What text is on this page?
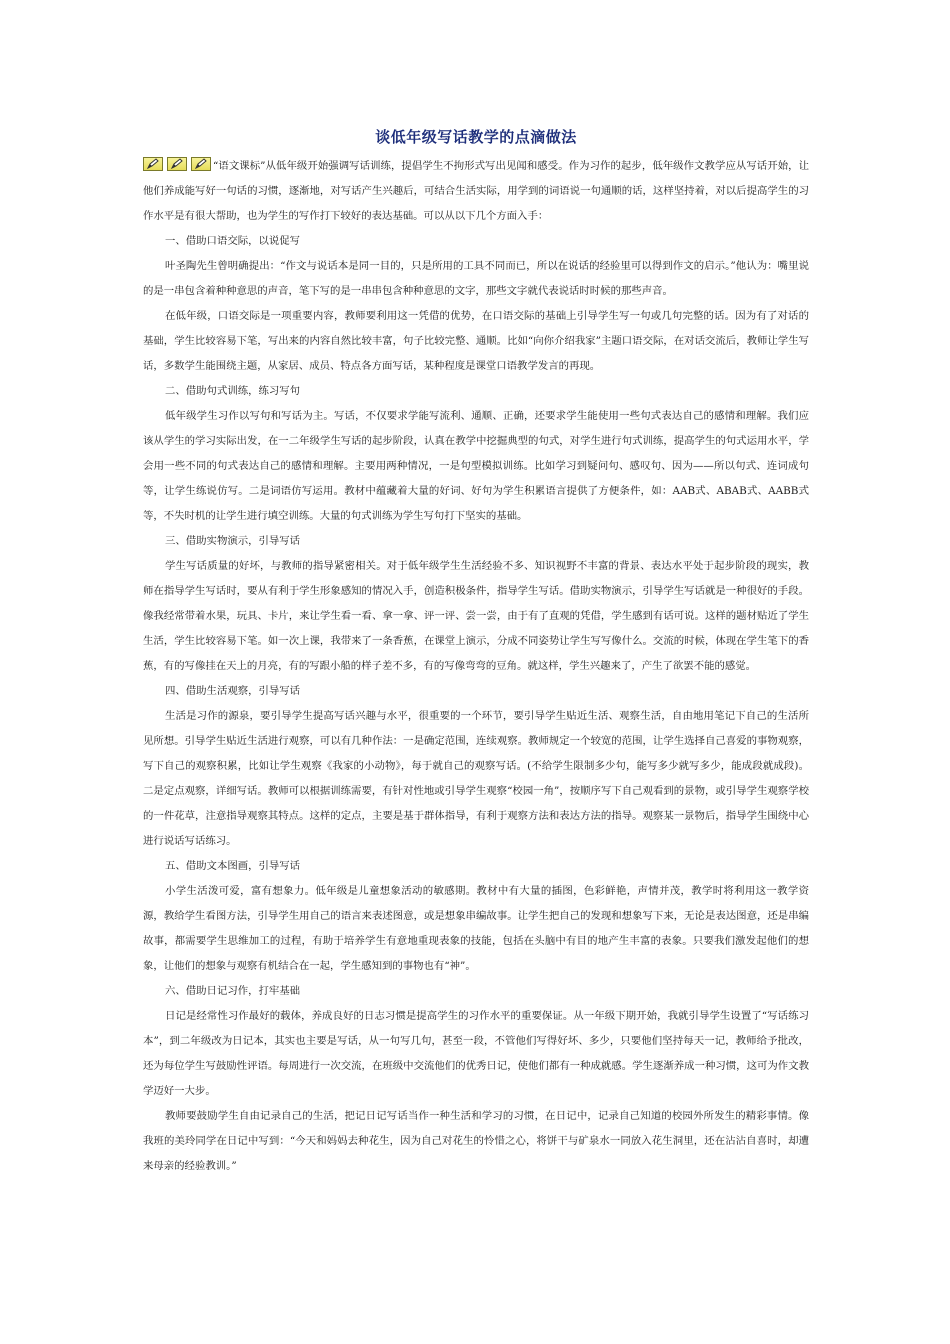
谈低年级写话教学的点滴做法

“语文课标”从低年级开始强调写话训练，提倡学生不拘形式写出见闻和感受。作为习作的起步，低年级作文教学应从写话开始，让他们养成能写好一句话的习惯，逐渐地，对写话产生兴趣后，可结合生活实际，用学到的词语说一句通顺的话，这样坚持着，对以后提高学生的习作水平是有很大帮助，也为学生的写作打下较好的表达基础。可以从以下几个方面入手：

一、借助口语交际，以说促写

叶圣陶先生曾明确提出：“作文与说话本是同一目的，只是所用的工具不同而已，所以在说话的经验里可以得到作文的启示。”他认为：嘴里说的是一串包含着种种意思的声音，笔下写的是一串串包含种种意思的文字，那些文字就代表说话时时候的那些声音。

在低年级，口语交际是一项重要内容，教师要利用这一凭借的优势，在口语交际的基础上引导学生写一句或几句完整的话。因为有了对话的基础，学生比较容易下笔，写出来的内容自然比较丰富，句子比较完整、通顺。比如“向你介绍我家”主题口语交际，在对话交流后，教师让学生写话，多数学生能围绕主题，从家居、成员、特点各方面写话，某种程度是课堂口语教学发言的再现。

二、借助句式训练，练习写句

低年级学生习作以写句和写话为主。写话，不仅要求学能写流利、通顺、正确，还要求学生能使用一些句式表达自己的感情和理解。我们应该从学生的学习实际出发，在一二年级学生写话的起步阶段，认真在教学中挖掘典型的句式，对学生进行句式训练，提高学生的句式运用水平，学会用一些不同的句式表达自己的感情和理解。主要用两种情况，一是句型模拟训练。比如学习到疑问句、感叹句、因为——所以句式、连词成句等，让学生练说仿写。二是词语仿写运用。教材中蕴藏着大量的好词、好句为学生积累语言提供了方便条件，如：AAB式、ABAB式、AABB式等，不失时机的让学生进行填空训练。大量的句式训练为学生写句打下坚实的基础。

三、借助实物演示，引导写话

学生写话质量的好坏，与教师的指导紧密相关。对于低年级学生生活经验不多、知识视野不丰富的背景、表达水平处于起步阶段的现实，教师在指导学生写话时，要从有利于学生形象感知的情况入手，创造积极条件，指导学生写话。借助实物演示，引导学生写话就是一种很好的手段。像我经常带着水果，玩具、卡片，来让学生看一看、拿一拿、评一评、尝一尝，由于有了直观的凭借，学生感到有话可说。这样的题材贴近了学生生活，学生比较容易下笔。如一次上课，我带来了一条香蕉，在课堂上演示，分成不同姿势让学生写写像什么。交流的时候，体现在学生笔下的香蕉，有的写像挂在天上的月亮，有的写跟小船的样子差不多，有的写像弯弯的豆角。就这样，学生兴趣来了，产生了欲罢不能的感觉。

四、借助生活观察，引导写话

生活是习作的源泉，要引导学生提高写话兴趣与水平，很重要的一个环节，要引导学生贴近生活、观察生活，自由地用笔记下自己的生活所见所想。引导学生贴近生活进行观察，可以有几种作法：一是确定范围，连续观察。教师规定一个较宽的范围，让学生选择自己喜爱的事物观察，写下自己的观察积累，比如让学生观察《我家的小动物》，每于就自己的观察写话。(不给学生限制多少句，能写多少就写多少，能成段就成段)。二是定点观察，详细写话。教师可以根据训练需要，有针对性地或引导学生观察“校园一角”，按顺序写下自己观看到的景物，或引导学生观察学校的一件花草，注意指导观察其特点。这样的定点，主要是基于群体指导，有利于观察方法和表达方法的指导。观察某一景物后，指导学生围绕中心进行说话写话练习。

五、借助文本图画，引导写话

小学生活泼可爱，富有想象力。低年级是儿童想象活动的敏感期。教材中有大量的插图，色彩鲜艳，声情并茂，教学时将利用这一教学资源，教给学生看图方法，引导学生用自己的语言来表述图意，或是想象串编故事。让学生把自己的发现和想象写下来，无论是表达图意，还是串编故事，都需要学生思维加工的过程，有助于培养学生有意地重现表象的技能，包括在头脑中有目的地产生丰富的表象。只要我们激发起他们的想象，让他们的想象与观察有机结合在一起，学生感知到的事物也有“神”。

六、借助日记习作，打牢基础

日记是经常性习作最好的载体，养成良好的日志习惯是提高学生的习作水平的重要保证。从一年级下期开始，我就引导学生设置了“写话练习本”，到二年级改为日记本，其实也主要是写话，从一句写几句，甚至一段，不管他们写得好坏、多少，只要他们坚持每天一记，教师给予批改，还为每位学生写鼓励性评语。每周进行一次交流，在班级中交流他们的优秀日记，使他们都有一种成就感。学生逐渐养成一种习惯，这可为作文教学迈好一大步。

教师要鼓励学生自由记录自己的生活，把记日记写话当作一种生活和学习的习惯，在日记中，记录自己知道的校园外所发生的精彩事情。像我班的美玲同学在日记中写到：“今天和妈妈去种花生，因为自己对花生的怜惜之心，将饼干与矿泉水一同放入花生洞里，还在沾沾自喜时，却遭来母亲的经验教训。”
